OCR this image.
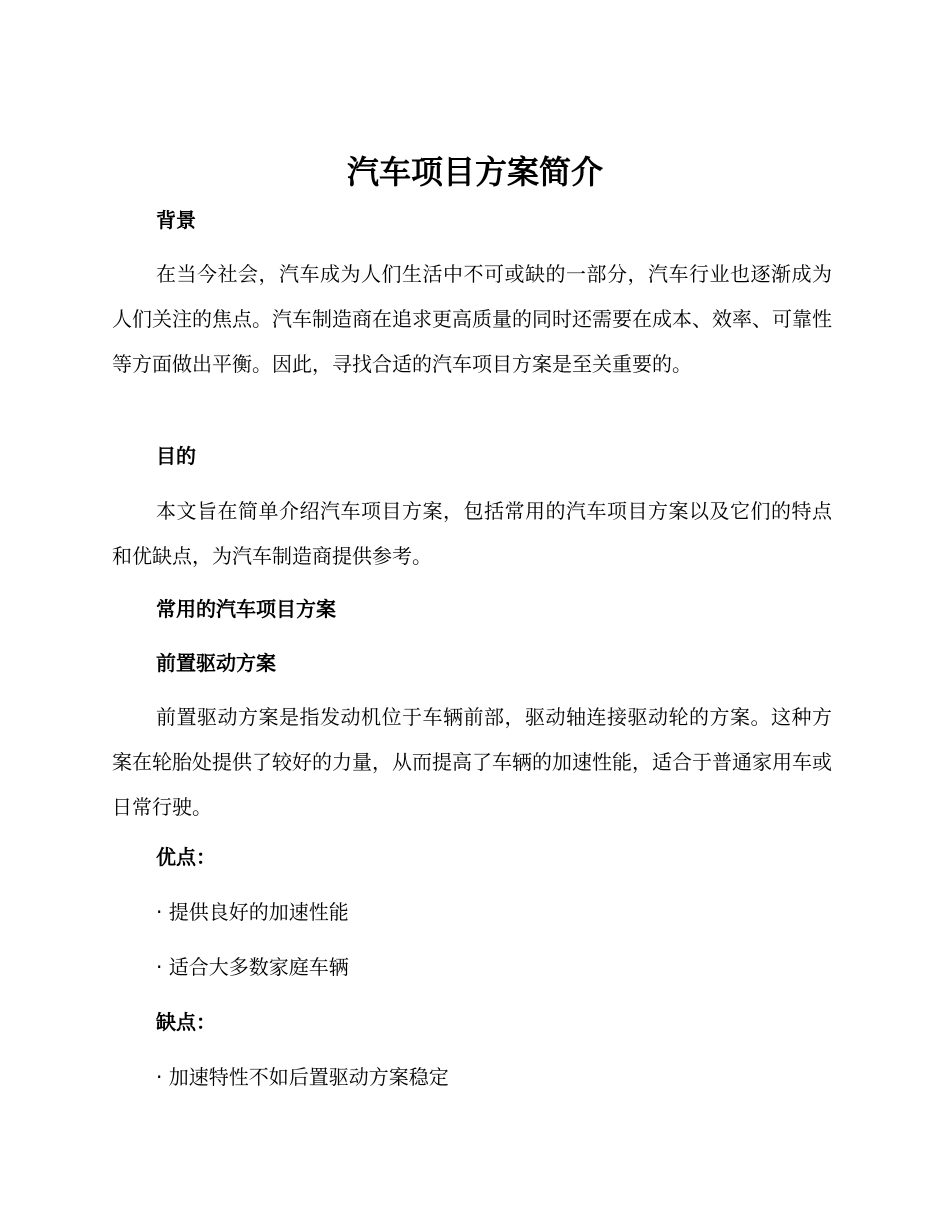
汽车项目方案简介
背景

在当今社会，汽车成为人们生活中不可或缺的一部分，汽车行业也逐渐成为人们关注的焦点。汽车制造商在追求更高质量的同时还需要在成本、效率、可靠性等方面做出平衡。因此，寻找合适的汽车项目方案是至关重要的。

目的

本文旨在简单介绍汽车项目方案，包括常用的汽车项目方案以及它们的特点和优缺点，为汽车制造商提供参考。

常用的汽车项目方案
前置驱动方案

前置驱动方案是指发动机位于车辆前部，驱动轴连接驱动轮的方案。这种方案在轮胎处提供了较好的力量，从而提高了车辆的加速性能，适合于普通家用车或日常行驶。

优点：

· 提供良好的加速性能

· 适合大多数家庭车辆

缺点：

· 加速特性不如后置驱动方案稳定
